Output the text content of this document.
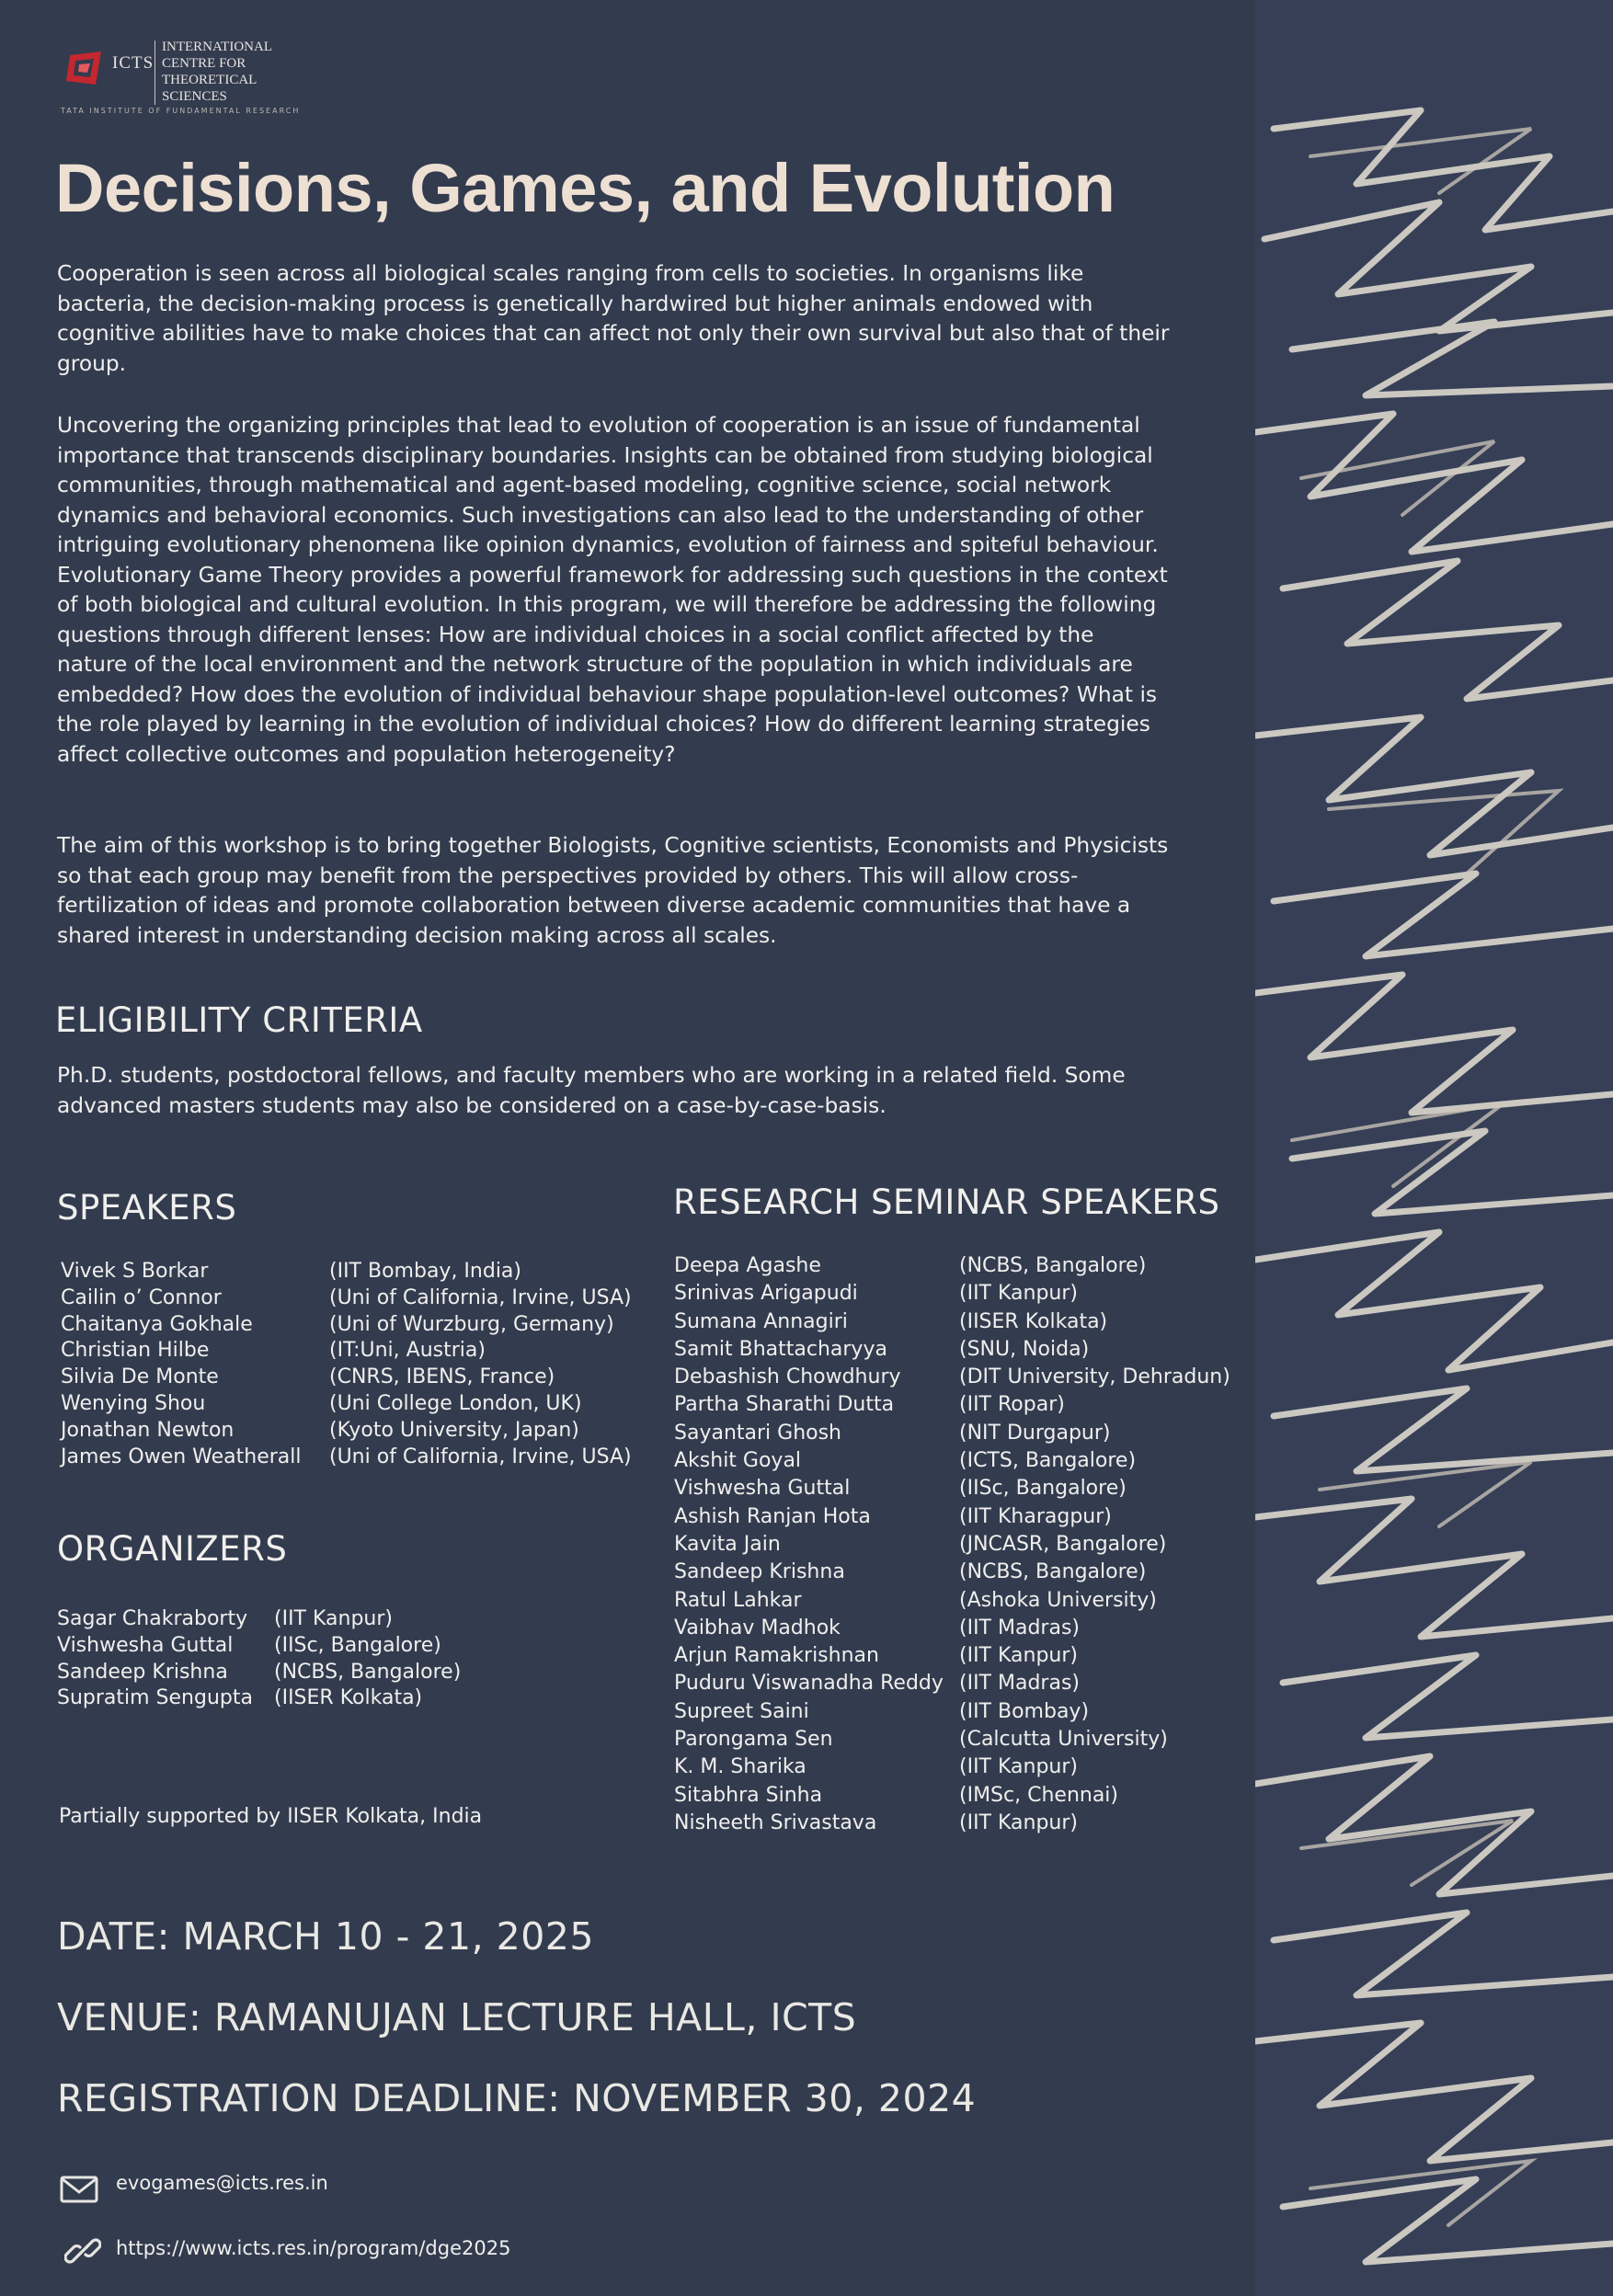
ICTS
INTERNATIONAL CENTRE FOR THEORETICAL SCIENCES
TATA INSTITUTE OF FUNDAMENTAL RESEARCH
Decisions, Games, and Evolution
Cooperation is seen across all biological scales ranging from cells to societies. In organisms like bacteria, the decision-making process is genetically hardwired but higher animals endowed with cognitive abilities have to make choices that can affect not only their own survival but also that of their group.
Uncovering the organizing principles that lead to evolution of cooperation is an issue of fundamental importance that transcends disciplinary boundaries. Insights can be obtained from studying biological communities, through mathematical and agent-based modeling, cognitive science, social network dynamics and behavioral economics. Such investigations can also lead to the understanding of other intriguing evolutionary phenomena like opinion dynamics, evolution of fairness and spiteful behaviour. Evolutionary Game Theory provides a powerful framework for addressing such questions in the context of both biological and cultural evolution. In this program, we will therefore be addressing the following questions through different lenses: How are individual choices in a social conflict affected by the nature of the local environment and the network structure of the population in which individuals are embedded? How does the evolution of individual behaviour shape population-level outcomes? What is the role played by learning in the evolution of individual choices? How do different learning strategies affect collective outcomes and population heterogeneity?
The aim of this workshop is to bring together Biologists, Cognitive scientists, Economists and Physicists so that each group may benefit from the perspectives provided by others. This will allow cross-fertilization of ideas and promote collaboration between diverse academic communities that have a shared interest in understanding decision making across all scales.
ELIGIBILITY CRITERIA
Ph.D. students, postdoctoral fellows, and faculty members who are working in a related field. Some advanced masters students may also be considered on a case-by-case-basis.
SPEAKERS
Vivek S Borkar	(IIT Bombay, India)
Cailin o’ Connor	(Uni of California, Irvine, USA)
Chaitanya Gokhale	(Uni of Wurzburg, Germany)
Christian Hilbe	(IT:Uni, Austria)
Silvia De Monte	(CNRS, IBENS, France)
Wenying Shou	(Uni College London, UK)
Jonathan Newton	(Kyoto University, Japan)
James Owen Weatherall (Uni of California, Irvine, USA)
ORGANIZERS
Sagar Chakraborty (IIT Kanpur)
Vishwesha Guttal (IISc, Bangalore)
Sandeep Krishna (NCBS, Bangalore)
Supratim Sengupta (IISER Kolkata)
Partially supported by IISER Kolkata, India
RESEARCH SEMINAR SPEAKERS
Deepa Agashe	(NCBS, Bangalore)
Srinivas Arigapudi	(IIT Kanpur)
Sumana Annagiri	(IISER Kolkata)
Samit Bhattacharyya	(SNU, Noida)
Debashish Chowdhury	(DIT University, Dehradun)
Partha Sharathi Dutta	(IIT Ropar)
Sayantari Ghosh	(NIT Durgapur)
Akshit Goyal	(ICTS, Bangalore)
Vishwesha Guttal	(IISc, Bangalore)
Ashish Ranjan Hota	(IIT Kharagpur)
Kavita Jain	(JNCASR, Bangalore)
Sandeep Krishna	(NCBS, Bangalore)
Ratul Lahkar	(Ashoka University)
Vaibhav Madhok	(IIT Madras)
Arjun Ramakrishnan	(IIT Kanpur)
Puduru Viswanadha Reddy (IIT Madras)
Supreet Saini	(IIT Bombay)
Parongama Sen	(Calcutta University)
K. M. Sharika	(IIT Kanpur)
Sitabhra Sinha	(IMSc, Chennai)
Nisheeth Srivastava	(IIT Kanpur)
DATE: MARCH 10 - 21, 2025
VENUE: RAMANUJAN LECTURE HALL, ICTS
REGISTRATION DEADLINE: NOVEMBER 30, 2024
evogames@icts.res.in
https://www.icts.res.in/program/dge2025
